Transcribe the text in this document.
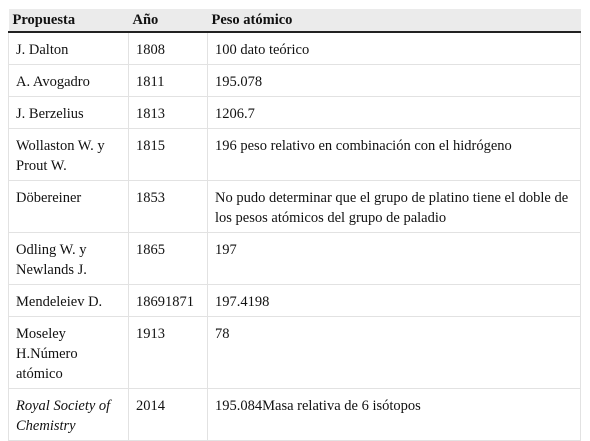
Propuesta	Año	Peso atómico
J. Dalton	1808	100 dato teórico
A. Avogadro	1811	195.078
J. Berzelius	1813	1206.7
Wollaston W. y Prout W.	1815	196 peso relativo en combinación con el hidrógeno
Döbereiner	1853	No pudo determinar que el grupo de platino tiene el doble de los pesos atómicos del grupo de paladio
Odling W. y Newlands J.	1865	197
Mendeleiev D.	18691871	197.4198
Moseley H.Número atómico	1913	78
Royal Society of Chemistry	2014	195.084Masa relativa de 6 isótopos
